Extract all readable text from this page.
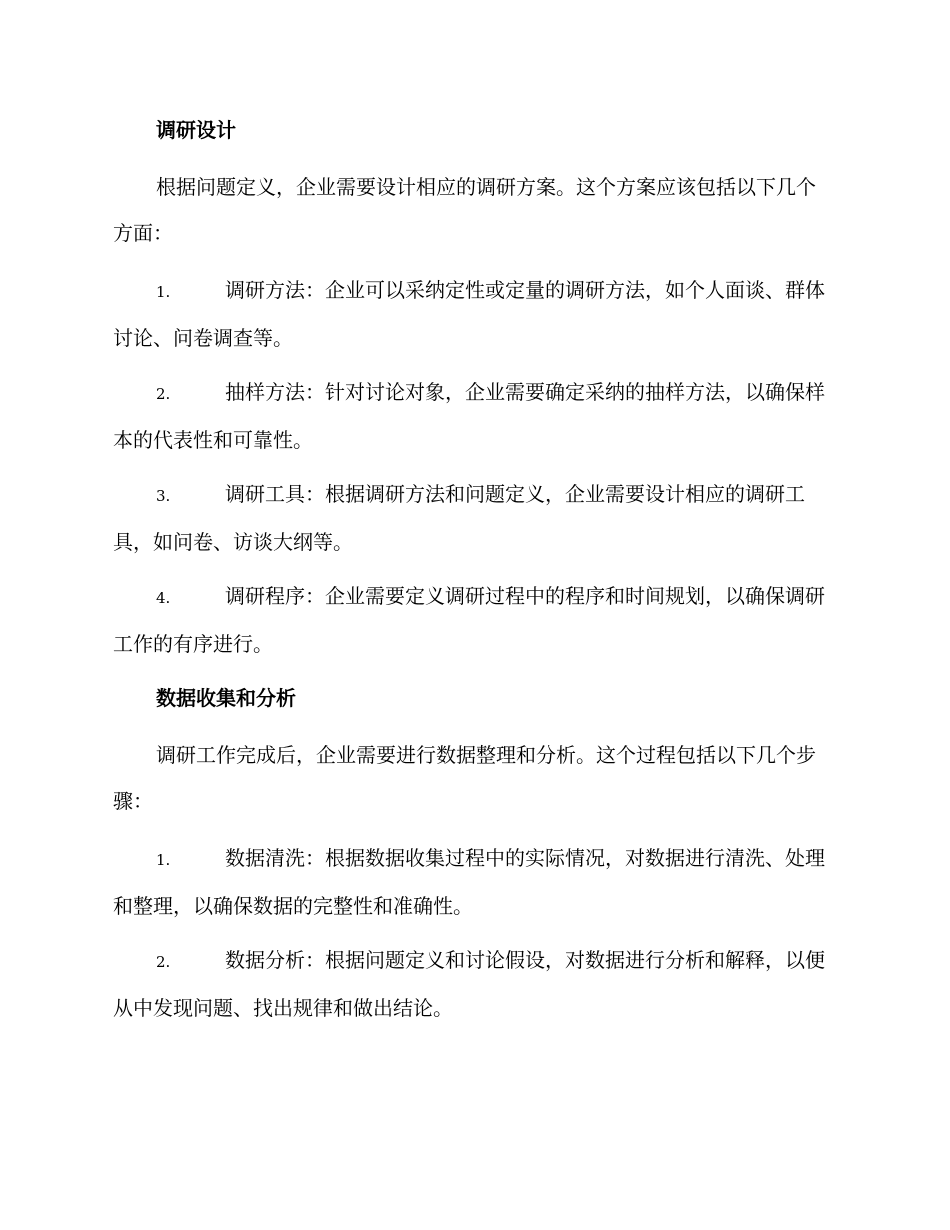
调研设计
根据问题定义，企业需要设计相应的调研方案。这个方案应该包括以下几个方面：
1.	调研方法：企业可以采纳定性或定量的调研方法，如个人面谈、群体讨论、问卷调查等。
2.	抽样方法：针对讨论对象，企业需要确定采纳的抽样方法，以确保样本的代表性和可靠性。
3.	调研工具：根据调研方法和问题定义，企业需要设计相应的调研工具，如问卷、访谈大纲等。
4.	调研程序：企业需要定义调研过程中的程序和时间规划，以确保调研工作的有序进行。
数据收集和分析
调研工作完成后，企业需要进行数据整理和分析。这个过程包括以下几个步骤：
1.	数据清洗：根据数据收集过程中的实际情况，对数据进行清洗、处理和整理，以确保数据的完整性和准确性。
2.	数据分析：根据问题定义和讨论假设，对数据进行分析和解释，以便从中发现问题、找出规律和做出结论。
